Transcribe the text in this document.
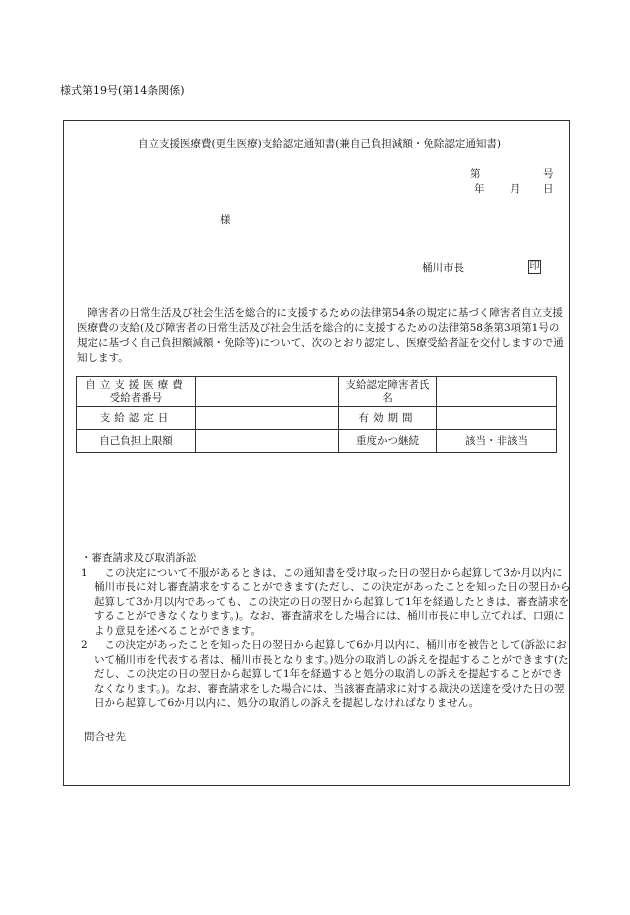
様式第19号(第14条関係)
自立支援医療費(更生医療)支給認定通知書(兼自己負担減額・免除認定通知書)
第	号
年 月 日
様
桶川市長	印

障害者の日常生活及び社会生活を総合的に支援するための法律第54条の規定に基づく障害者自立支援医療費の支給(及び障害者の日常生活及び社会生活を総合的に支援するための法律第58条第3項第1号の規定に基づく自己負担額減額・免除等)について、次のとおり認定し、医療受給者証を交付しますので通知します。

自立支援医療費
受給者番号		支給認定障害者氏名	
支給認定日		有効期間	
自己負担上限額		重度かつ継続	該当・非該当
・審査請求及び取消訴訟
1	この決定について不服があるときは、この通知書を受け取った日の翌日から起算して3か月以内に桶川市長に対し審査請求をすることができます(ただし、この決定があったことを知った日の翌日から起算して3か月以内であっても、この決定の日の翌日から起算して1年を経過したときは、審査請求をすることができなくなります。)。なお、審査請求をした場合には、桶川市長に申し立てれば、口頭により意見を述べることができます。
2	この決定があったことを知った日の翌日から起算して6か月以内に、桶川市を被告として(訴訟において桶川市を代表する者は、桶川市長となります。)処分の取消しの訴えを提起することができます(ただし、この決定の日の翌日から起算して1年を経過すると処分の取消しの訴えを提起することができなくなります。)。なお、審査請求をした場合には、当該審査請求に対する裁決の送達を受けた日の翌日から起算して6か月以内に、処分の取消しの訴えを提起しなければなりません。
問合せ先
